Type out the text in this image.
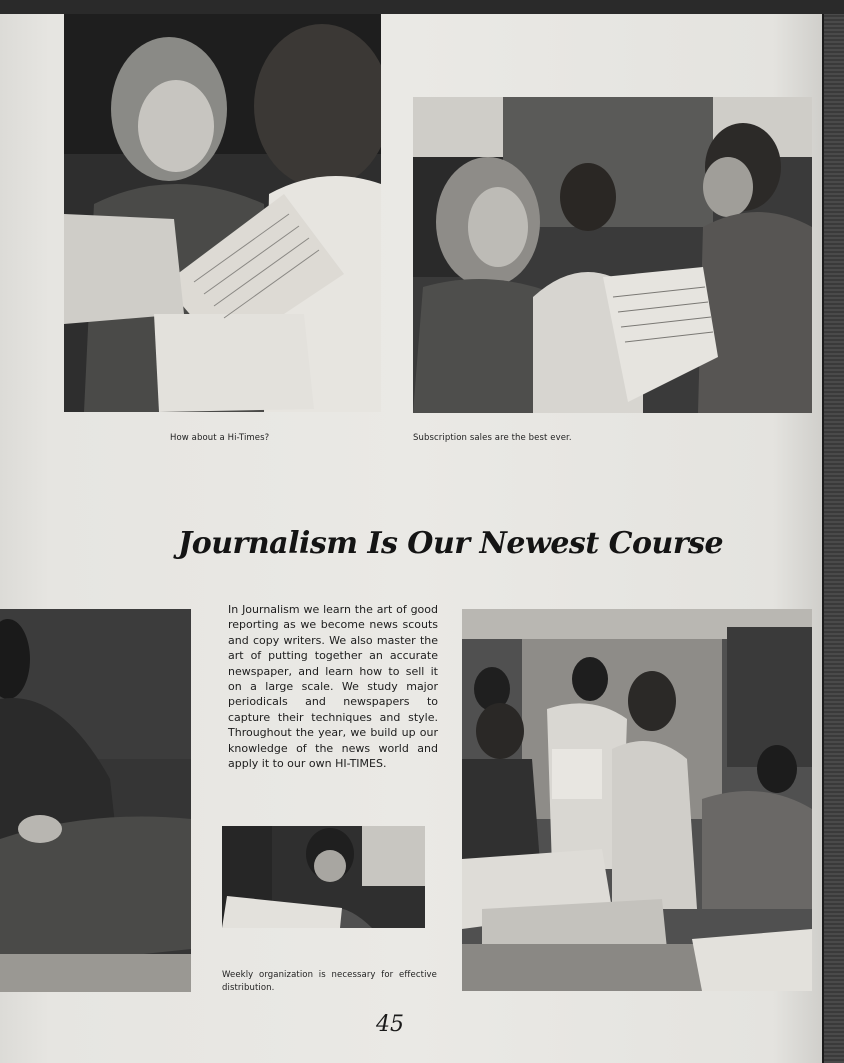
How about a Hi-Times?	Subscription sales are the best ever.
Journalism Is Our Newest Course
In Journalism we learn the art of good reporting as we become news scouts and copy writers. We also master the art of putting together an accurate newspaper, and learn how to sell it on a large scale. We study major periodicals and newspapers to capture their techniques and style. Throughout the year, we build up our knowledge of the news world and apply it to our own HI-TIMES.
Weekly organization is necessary for effective distribution.
45
